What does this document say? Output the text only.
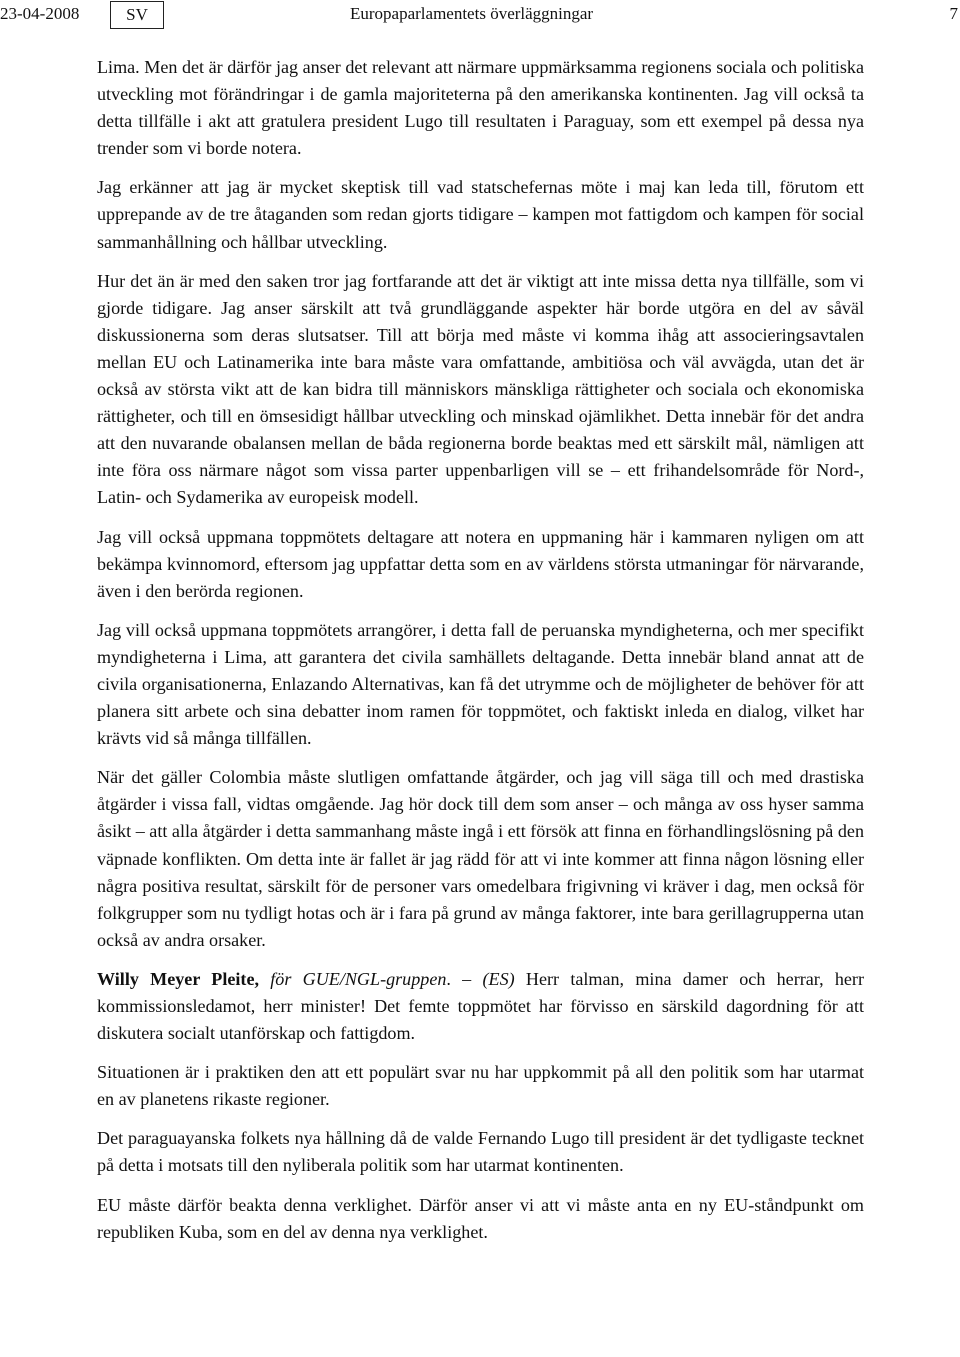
23-04-2008	SV	Europaparlamentets överläggningar	7

Lima. Men det är därför jag anser det relevant att närmare uppmärksamma regionens sociala och politiska utveckling mot förändringar i de gamla majoriteterna på den amerikanska kontinenten. Jag vill också ta detta tillfälle i akt att gratulera president Lugo till resultaten i Paraguay, som ett exempel på dessa nya trender som vi borde notera.

Jag erkänner att jag är mycket skeptisk till vad statschefernas möte i maj kan leda till, förutom ett upprepande av de tre åtaganden som redan gjorts tidigare – kampen mot fattigdom och kampen för social sammanhållning och hållbar utveckling.

Hur det än är med den saken tror jag fortfarande att det är viktigt att inte missa detta nya tillfälle, som vi gjorde tidigare. Jag anser särskilt att två grundläggande aspekter här borde utgöra en del av såväl diskussionerna som deras slutsatser. Till att börja med måste vi komma ihåg att associeringsavtalen mellan EU och Latinamerika inte bara måste vara omfattande, ambitiösa och väl avvägda, utan det är också av största vikt att de kan bidra till människors mänskliga rättigheter och sociala och ekonomiska rättigheter, och till en ömsesidigt hållbar utveckling och minskad ojämlikhet. Detta innebär för det andra att den nuvarande obalansen mellan de båda regionerna borde beaktas med ett särskilt mål, nämligen att inte föra oss närmare något som vissa parter uppenbarligen vill se – ett frihandelsområde för Nord-, Latin- och Sydamerika av europeisk modell.

Jag vill också uppmana toppmötets deltagare att notera en uppmaning här i kammaren nyligen om att bekämpa kvinnomord, eftersom jag uppfattar detta som en av världens största utmaningar för närvarande, även i den berörda regionen.

Jag vill också uppmana toppmötets arrangörer, i detta fall de peruanska myndigheterna, och mer specifikt myndigheterna i Lima, att garantera det civila samhällets deltagande. Detta innebär bland annat att de civila organisationerna, Enlazando Alternativas, kan få det utrymme och de möjligheter de behöver för att planera sitt arbete och sina debatter inom ramen för toppmötet, och faktiskt inleda en dialog, vilket har krävts vid så många tillfällen.

När det gäller Colombia måste slutligen omfattande åtgärder, och jag vill säga till och med drastiska åtgärder i vissa fall, vidtas omgående. Jag hör dock till dem som anser – och många av oss hyser samma åsikt – att alla åtgärder i detta sammanhang måste ingå i ett försök att finna en förhandlingslösning på den väpnade konflikten. Om detta inte är fallet är jag rädd för att vi inte kommer att finna någon lösning eller några positiva resultat, särskilt för de personer vars omedelbara frigivning vi kräver i dag, men också för folkgrupper som nu tydligt hotas och är i fara på grund av många faktorer, inte bara gerillagrupperna utan också av andra orsaker.

Willy Meyer Pleite, för GUE/NGL-gruppen. – (ES) Herr talman, mina damer och herrar, herr kommissionsledamot, herr minister! Det femte toppmötet har förvisso en särskild dagordning för att diskutera socialt utanförskap och fattigdom.

Situationen är i praktiken den att ett populärt svar nu har uppkommit på all den politik som har utarmat en av planetens rikaste regioner.

Det paraguayanska folkets nya hållning då de valde Fernando Lugo till president är det tydligaste tecknet på detta i motsats till den nyliberala politik som har utarmat kontinenten.

EU måste därför beakta denna verklighet. Därför anser vi att vi måste anta en ny EU-ståndpunkt om republiken Kuba, som en del av denna nya verklighet.
